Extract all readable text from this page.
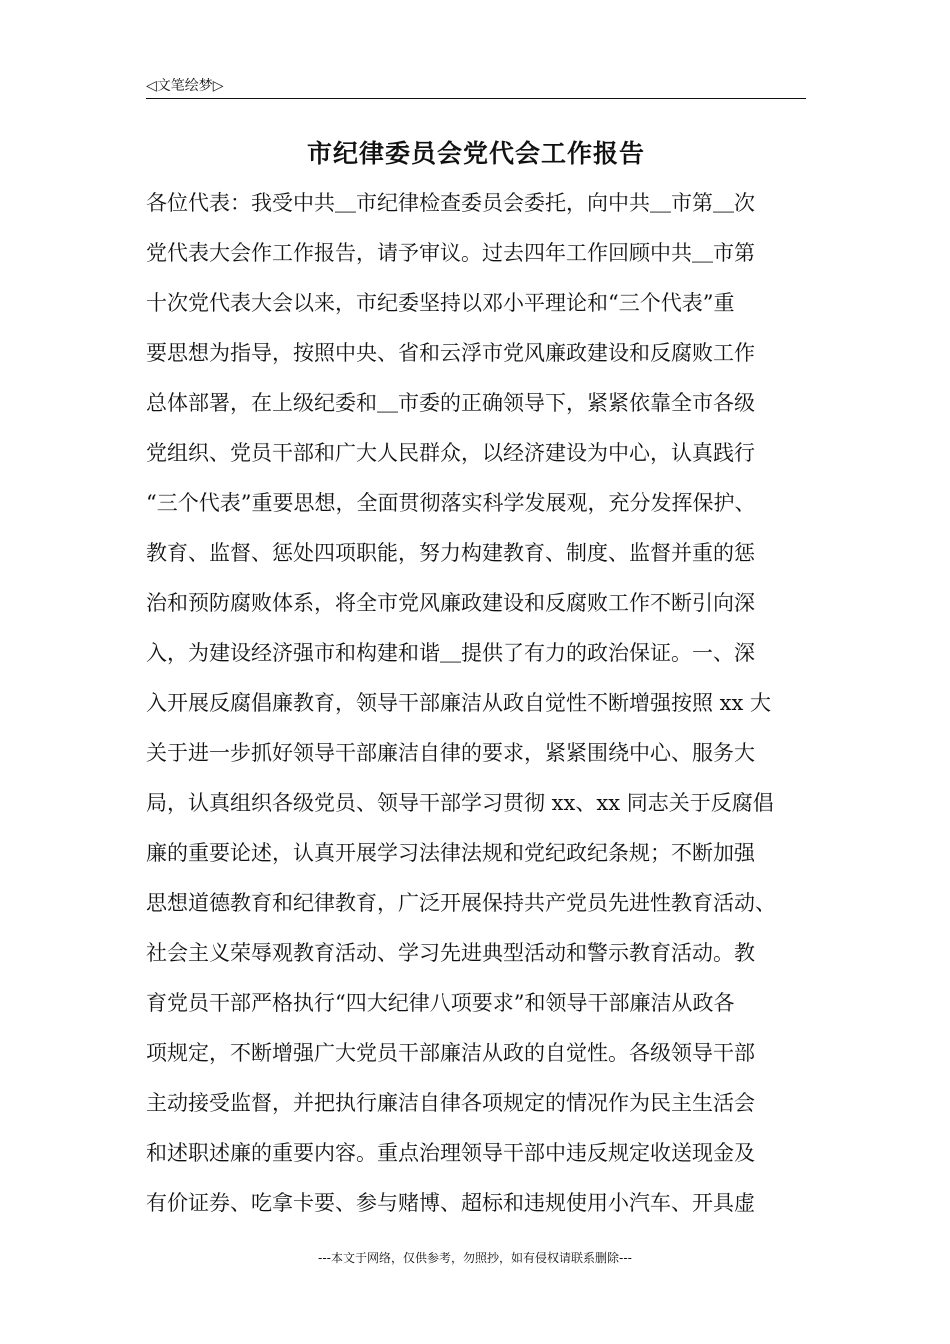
◁文笔绘梦▷
市纪律委员会党代会工作报告
各位代表：我受中共＿市纪律检查委员会委托，向中共＿市第＿次
党代表大会作工作报告，请予审议。过去四年工作回顾中共＿市第
十次党代表大会以来，市纪委坚持以邓小平理论和“三个代表”重
要思想为指导，按照中央、省和云浮市党风廉政建设和反腐败工作
总体部署，在上级纪委和＿市委的正确领导下，紧紧依靠全市各级
党组织、党员干部和广大人民群众，以经济建设为中心，认真践行
“三个代表”重要思想，全面贯彻落实科学发展观，充分发挥保护、
教育、监督、惩处四项职能，努力构建教育、制度、监督并重的惩
治和预防腐败体系，将全市党风廉政建设和反腐败工作不断引向深
入，为建设经济强市和构建和谐＿提供了有力的政治保证。一、深
入开展反腐倡廉教育，领导干部廉洁从政自觉性不断增强按照 xx 大
关于进一步抓好领导干部廉洁自律的要求，紧紧围绕中心、服务大
局，认真组织各级党员、领导干部学习贯彻 xx、xx 同志关于反腐倡
廉的重要论述，认真开展学习法律法规和党纪政纪条规；不断加强
思想道德教育和纪律教育，广泛开展保持共产党员先进性教育活动、
社会主义荣辱观教育活动、学习先进典型活动和警示教育活动。教
育党员干部严格执行“四大纪律八项要求”和领导干部廉洁从政各
项规定，不断增强广大党员干部廉洁从政的自觉性。各级领导干部
主动接受监督，并把执行廉洁自律各项规定的情况作为民主生活会
和述职述廉的重要内容。重点治理领导干部中违反规定收送现金及
有价证券、吃拿卡要、参与赌博、超标和违规使用小汽车、开具虚
---本文于网络，仅供参考，勿照抄，如有侵权请联系删除---
